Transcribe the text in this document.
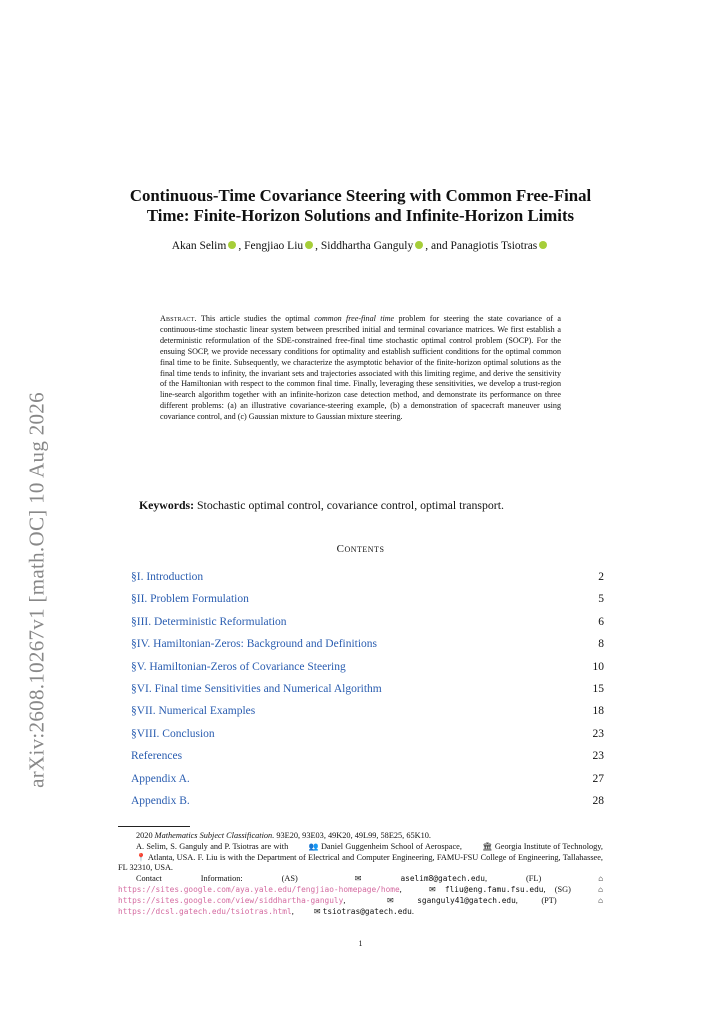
arXiv:2608.10267v1 [math.OC] 10 Aug 2026
Continuous-Time Covariance Steering with Common Free-Final
Time: Finite-Horizon Solutions and Infinite-Horizon Limits
Akan Selim , Fengjiao Liu , Siddhartha Ganguly , and Panagiotis Tsiotras
Abstract. This article studies the optimal common free-final time problem for steering the state covariance of a continuous-time stochastic linear system between prescribed initial and terminal covariance matrices. We first establish a deterministic reformulation of the SDE-constrained free-final time stochastic optimal control problem (SOCP). For the ensuing SOCP, we provide necessary conditions for optimality and establish sufficient conditions for the optimal common final time to be finite. Subsequently, we characterize the asymptotic behavior of the finite-horizon optimal solutions as the final time tends to infinity, the invariant sets and trajectories associated with this limiting regime, and derive the sensitivity of the Hamiltonian with respect to the common final time. Finally, leveraging these sensitivities, we develop a trust-region line-search algorithm together with an infinite-horizon case detection method, and demonstrate its performance on three different problems: (a) an illustrative covariance-steering example, (b) a demonstration of spacecraft maneuver using covariance control, and (c) Gaussian mixture to Gaussian mixture steering.
Keywords: Stochastic optimal control, covariance control, optimal transport.
Contents
§I. Introduction	2
§II. Problem Formulation	5
§III. Deterministic Reformulation	6
§IV. Hamiltonian-Zeros: Background and Definitions	8
§V. Hamiltonian-Zeros of Covariance Steering	10
§VI. Final time Sensitivities and Numerical Algorithm	15
§VII. Numerical Examples	18
§VIII. Conclusion	23
References	23
Appendix A.	27
Appendix B.	28

2020 Mathematics Subject Classification. 93E20, 93E03, 49K20, 49L99, 58E25, 65K10.

A. Selim, S. Ganguly and P. Tsiotras are with	👥 Daniel Guggenheim School of Aerospace,	🏛 Georgia Institute of Technology, 📍 Atlanta, USA. F. Liu is with the Department of Electrical and Computer Engineering, FAMU-FSU College of Engineering, Tallahassee, FL 32310, USA.

Contact Information:	(AS)	✉	aselim8@gatech.edu, (FL)	⌂ https://sites.google.com/aya.yale.edu/fengjiao-homepage/home, ✉ fliu@eng.famu.fsu.edu, (SG)	⌂ https://sites.google.com/view/siddhartha-ganguly, ✉	sganguly41@gatech.edu, (PT)	⌂ https://dcsl.gatech.edu/tsiotras.html, ✉ tsiotras@gatech.edu.

1
